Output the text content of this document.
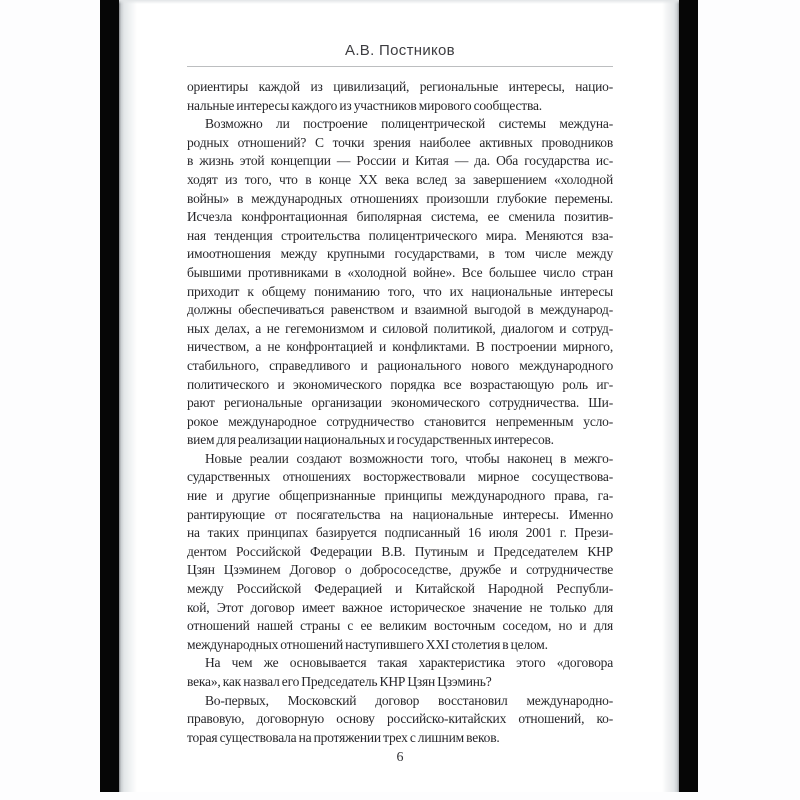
А.В. Постников
ориентиры каждой из цивилизаций, региональные интересы, нацио-
нальные интересы каждого из участников мирового сообщества.
Возможно ли построение полицентрической системы междуна-
родных отношений? С точки зрения наиболее активных проводников
в жизнь этой концепции — России и Китая — да. Оба государства ис-
ходят из того, что в конце XX века вслед за завершением «холодной
войны» в международных отношениях произошли глубокие перемены.
Исчезла конфронтационная биполярная система, ее сменила позитив-
ная тенденция строительства полицентрического мира. Меняются вза-
имоотношения между крупными государствами, в том числе между
бывшими противниками в «холодной войне». Все большее число стран
приходит к общему пониманию того, что их национальные интересы
должны обеспечиваться равенством и взаимной выгодой в международ-
ных делах, а не гегемонизмом и силовой политикой, диалогом и сотруд-
ничеством, а не конфронтацией и конфликтами. В построении мирного,
стабильного, справедливого и рационального нового международного
политического и экономического порядка все возрастающую роль иг-
рают региональные организации экономического сотрудничества. Ши-
рокое международное сотрудничество становится непременным усло-
вием для реализации национальных и государственных интересов.
Новые реалии создают возможности того, чтобы наконец в межго-
сударственных отношениях восторжествовали мирное сосуществова-
ние и другие общепризнанные принципы международного права, га-
рантирующие от посягательства на национальные интересы. Именно
на таких принципах базируется подписанный 16 июля 2001 г. Прези-
дентом Российской Федерации В.В. Путиным и Председателем КНР
Цзян Цзэминем Договор о добрососедстве, дружбе и сотрудничестве
между Российской Федерацией и Китайской Народной Республи-
кой, Этот договор имеет важное историческое значение не только для
отношений нашей страны с ее великим восточным соседом, но и для
международных отношений наступившего XXI столетия в целом.
На чем же основывается такая характеристика этого «договора
века», как назвал его Председатель КНР Цзян Цзэминь?
Во-первых, Московский договор восстановил международно-
правовую, договорную основу российско-китайских отношений, ко-
торая существовала на протяжении трех с лишним веков.
6
